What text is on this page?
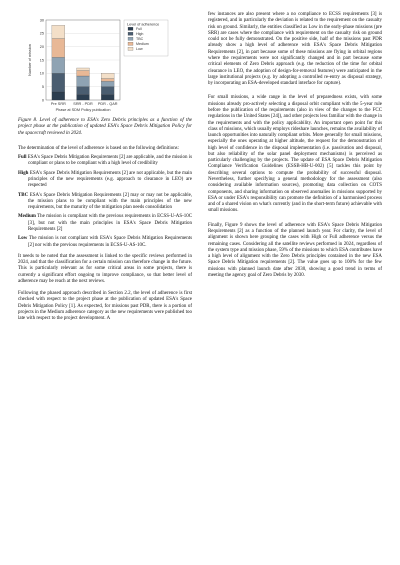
0
5
10
15
20
25
30
Number of mission
Pre SRR SRR - PDR PDR - QAR
Phase at SDM Policy publication
Level of adherence
Full
High
TBC
Medium
Low

Figure 8. Level of adherence to ESA's Zero Debris principles as a function of the project phase at the publication of updated ESA's Space Debris Mitigation Policy for the spacecraft reviewed in 2024.

The determination of the level of adherence is based on the following definitions:

Full ESA's Space Debris Mitigation Requirements [2] are applicable, and the mission is compliant or plans to be compliant with a high level of credibility

High ESA's Space Debris Mitigation Requirements [2] are not applicable, but the main principles of the new requirements (e.g. approach to clearance in LEO) are respected

TBC ESA's Space Debris Mitigation Requirements [2] may or may not be applicable, the mission plans to be compliant with the main principles of the new requirements, but the maturity of the mitigation plan needs consolidation

Medium The mission is compliant with the previous requirements in ECSS-U-AS-10C [3], but not with the main principles in ESA's Space Debris Mitigation Requirements [2]

Low The mission is not compliant with ESA's Space Debris Mitigation Requirements [2] nor with the previous requirements in ECSS-U-AS-10C.

It needs to be noted that the assessment is linked to the specific reviews performed in 2024, and that the classification for a certain mission can therefore change in the future. This is particularly relevant as for some critical areas in some projects, there is currently a significant effort ongoing to improve compliance, so that better level of adherence may be reach at the next reviews.

Following the phased approach described in Section 2.2, the level of adherence is first checked with respect to the project phase at the publication of updated ESA's Space Debris Mitigation Policy [1]. As expected, for missions past PDR, there is a portion of projects in the Medium adherence category as the new requirements were published too late with respect to the project development. A

few instances are also present where a no compliance to ECSS requirements [3] is registered, and in particularly the deviation is related to the requirement on the casualty risk on ground. Similarly, the entities classified as Low in the early-phase missions (pre SRR) are cases where the compliance with requirement on the casualty risk on ground could not be fully demonstrated. On the positive side, half of the missions past PDR already show a high level of adherence with ESA's Space Debris Mitigation Requirements [2], in part because some of these missions are flying in orbital regions where the requirements were not significantly changed and in part because some critical elements of Zero Debris approach (e.g. the reduction of the time for orbital clearance in LEO, the adoption of design-for-removal features) were anticipated in the large institutional projects (e.g. by adopting a controlled re-entry as disposal strategy, by incorporating an ESA-developed standard interface for capture).

For small missions, a wide range in the level of preparedness exists, with some missions already pro-actively selecting a disposal orbit compliant with the 5-year rule before the publication of the requirements (also in view of the changes to the FCC regulations in the United States [24]), and other projects less familiar with the change in the requirements and with the policy applicability. An important open point for this class of missions, which usually employs rideshare launches, remains the availability of launch opportunities into naturally compliant orbits. More generally for small missions, especially the ones operating at higher altitude, the request for the demonstration of high level of confidence in the disposal implementation (i.e. passivation and disposal, but also reliability of the solar panel deployment mechanisms) is perceived as particularly challenging by the projects. The update of ESA Space Debris Mitigation Compliance Verification Guidelines (ESSB-HB-U-002) [5] tackles this point by describing several options to compute the probability of successful disposal. Nevertheless, further specifying a general methodology for the assessment (also considering available information sources), promoting data collection on COTS components, and sharing information on observed anomalies in missions supported by ESA or under ESA's responsibility can promote the definition of a harmonised process and of a shared vision on what's currently (and in the short-term future) achievable with small missions.

Finally, Figure 9 shows the level of adherence with ESA's Space Debris Mitigation Requirements [2] as a function of the planned launch year. For clarity, the level of alignment is shown here grouping the cases with High or Full adherence versus the remaining cases. Considering all the satellite reviews performed in 2024, regardless of the system type and mission phase, 59% of the missions to which ESA contributes have a high level of alignment with the Zero Debris principles contained in the new ESA Space Debris Mitigation requirements [2]. The value goes up to 100% for the few missions with planned launch date after 2030, showing a good trend in terms of meeting the agency goal of Zero Debris by 2030.
